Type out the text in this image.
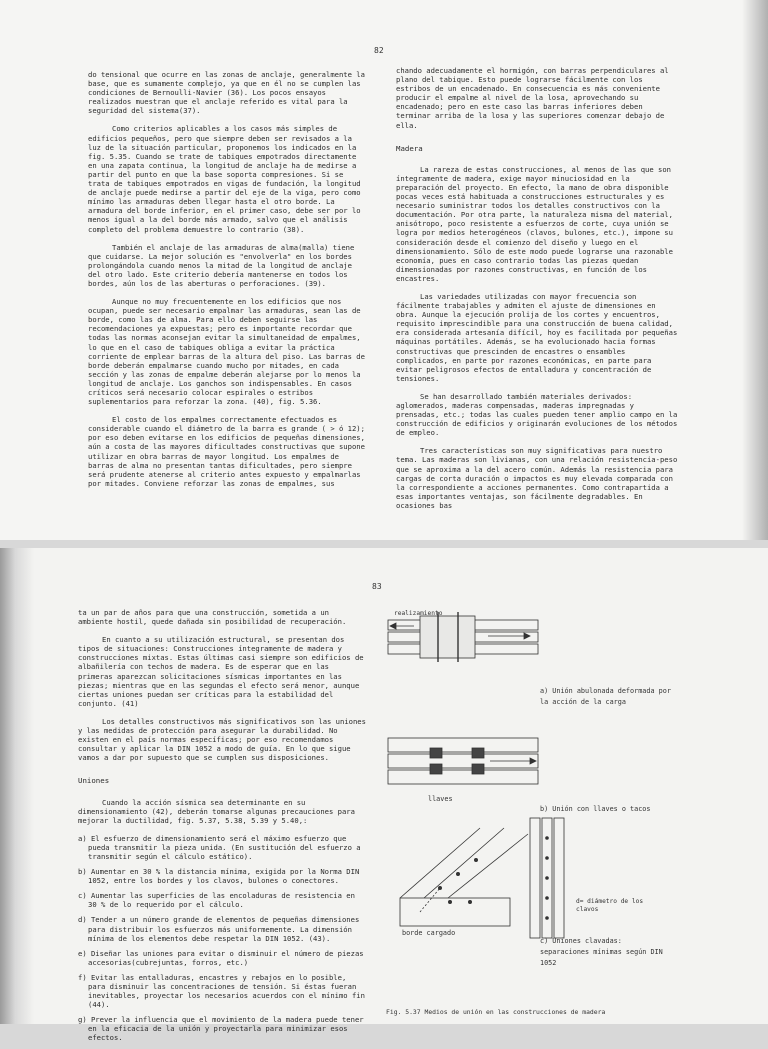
82

do tensional que ocurre en las zonas de anclaje, generalmente la base, que es sumamente complejo, ya que en él no se cumplen las condiciones de Bernoulli-Navier (36). Los pocos ensayos realizados muestran que el anclaje referido es vital para la seguridad del sistema(37).

Como criterios aplicables a los casos más simples de edificios pequeños, pero que siempre deben ser revisados a la luz de la situación particular, proponemos los indicados en la fig. 5.35. Cuando se trate de tabiques empotrados directamente en una zapata continua, la longitud de anclaje ha de medirse a partir del punto en que la base soporta compresiones. Si se trata de tabiques empotrados en vigas de fundación, la longitud de anclaje puede medirse a partir del eje de la viga, pero como mínimo las armaduras deben llegar hasta el otro borde. La armadura del borde inferior, en el primer caso, debe ser por lo menos igual a la del borde más armado, salvo que el análisis completo del problema demuestre lo contrario (38).

También el anclaje de las armaduras de alma(malla) tiene que cuidarse. La mejor solución es "envolverla" en los bordes prolongándola cuando menos la mitad de la longitud de anclaje del otro lado. Este criterio debería mantenerse en todos los bordes, aún los de las aberturas o perforaciones. (39).

Aunque no muy frecuentemente en los edificios que nos ocupan, puede ser necesario empalmar las armaduras, sean las de borde, como las de alma. Para ello deben seguirse las recomendaciones ya expuestas; pero es importante recordar que todas las normas aconsejan evitar la simultaneidad de empalmes, lo que en el caso de tabiques obliga a evitar la práctica corriente de emplear barras de la altura del piso. Las barras de borde deberán empalmarse cuando mucho por mitades, en cada sección y las zonas de empalme deberán alejarse por lo menos la longitud de anclaje. Los ganchos son indispensables. En casos críticos será necesario colocar espirales o estribos suplementarios para reforzar la zona. (40), fig. 5.36.

El costo de los empalmes correctamente efectuados es considerable cuando el diámetro de la barra es grande ( > ó 12); por eso deben evitarse en los edificios de pequeñas dimensiones, aún a costa de las mayores dificultades constructivas que supone utilizar en obra barras de mayor longitud. Los empalmes de barras de alma no presentan tantas dificultades, pero siempre será prudente atenerse al criterio antes expuesto y empalmarlas por mitades. Conviene reforzar las zonas de empalmes, sus

chando adecuadamente el hormigón, con barras perpendiculares al plano del tabique. Esto puede lograrse fácilmente con los estribos de un encadenado. En consecuencia es más conveniente producir el empalme al nivel de la losa, aprovechando su encadenado; pero en este caso las barras inferiores deben terminar arriba de la losa y las superiores comenzar debajo de ella.

Madera

La rareza de estas construcciones, al menos de las que son íntegramente de madera, exige mayor minuciosidad en la preparación del proyecto. En efecto, la mano de obra disponible pocas veces está habituada a construcciones estructurales y es necesario suministrar todos los detalles constructivos con la documentación. Por otra parte, la naturaleza misma del material, anisótropo, poco resistente a esfuerzos de corte, cuya unión se logra por medios heterogéneos (clavos, bulones, etc.), impone su consideración desde el comienzo del diseño y luego en el dimensionamiento. Sólo de este modo puede lograrse una razonable economía, pues en caso contrario todas las piezas quedan dimensionadas por razones constructivas, en función de los encastres.

Las variedades utilizadas con mayor frecuencia son fácilmente trabajables y admiten el ajuste de dimensiones en obra. Aunque la ejecución prolija de los cortes y encuentros, requisito imprescindible para una construcción de buena calidad, era considerada artesanía difícil, hoy es facilitada por pequeñas máquinas portátiles. Además, se ha evolucionado hacia formas constructivas que prescinden de encastres o ensambles complicados, en parte por razones económicas, en parte para evitar peligrosos efectos de entalladura y concentración de tensiones.

Se han desarrollado también materiales derivados: aglomerados, maderas compensadas, maderas impregnadas y prensadas, etc.; todas las cuales pueden tener amplio campo en la construcción de edificios y originarán evoluciones de los métodos de empleo.

Tres características son muy significativas para nuestro tema. Las maderas son livianas, con una relación resistencia-peso que se aproxima a la del acero común. Además la resistencia para cargas de corta duración o impactos es muy elevada comparada con la correspondiente a acciones permanentes. Como contrapartida a esas importantes ventajas, son fácilmente degradables. En ocasiones bas

83

ta un par de años para que una construcción, sometida a un ambiente hostil, quede dañada sin posibilidad de recuperación.

En cuanto a su utilización estructural, se presentan dos tipos de situaciones: Construcciones íntegramente de madera y construcciones mixtas. Estas últimas casi siempre son edificios de albañilería con techos de madera. Es de esperar que en las primeras aparezcan solicitaciones sísmicas importantes en las piezas; mientras que en las segundas el efecto será menor, aunque ciertas uniones puedan ser críticas para la estabilidad del conjunto. (41)

Los detalles constructivos más significativos son las uniones y las medidas de protección para asegurar la durabilidad. No existen en el país normas específicas; por eso recomendamos consultar y aplicar la DIN 1052 a modo de guía. En lo que sigue vamos a dar por supuesto que se cumplen sus disposiciones.

Uniones

Cuando la acción sísmica sea determinante en su dimensionamiento (42), deberán tomarse algunas precauciones para mejorar la ductilidad, fig. 5.37, 5.38, 5.39 y 5.40,:

a) El esfuerzo de dimensionamiento será el máximo esfuerzo que pueda transmitir la pieza unida. (En sustitución del esfuerzo a transmitir según el cálculo estático).
b) Aumentar en 30 % la distancia mínima, exigida por la Norma DIN 1052, entre los bordes y los clavos, bulones o conectores.
c) Aumentar las superficies de las encoladuras de resistencia en 30 % de lo requerido por el cálculo.
d) Tender a un número grande de elementos de pequeñas dimensiones para distribuir los esfuerzos más uniformemente. La dimensión mínima de los elementos debe respetar la DIN 1052. (43).
e) Diseñar las uniones para evitar o disminuir el número de piezas accesorias(cubrejuntas, forros, etc.)
f) Evitar las entalladuras, encastres y rebajos en lo posible, para disminuir las concentraciones de tensión. Si éstas fueran inevitables, proyectar los necesarios acuerdos con el mínimo fin (44).
g) Prever la influencia que el movimiento de la madera puede tener en la eficacia de la unión y proyectarla para minimizar esos efectos.
realizamiento
a) Unión abulonada deformada por la acción de la carga
llaves
b) Unión con llaves o tacos
d= diámetro de los clavos
borde cargado
c) Uniones clavadas: separaciones mínimas según DIN 1052
Fig. 5.37 Medios de unión en las construcciones de madera
